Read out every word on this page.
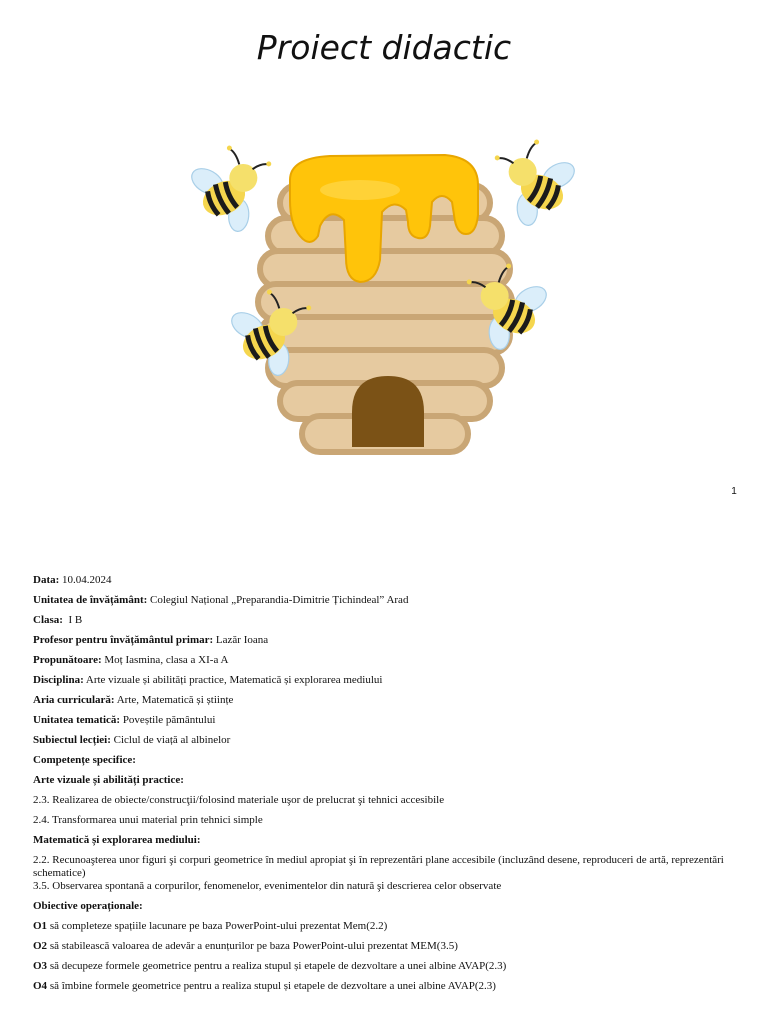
Proiect didactic
1
Data: 10.04.2024
Unitatea de învățământ: Colegiul Național „Preparandia-Dimitrie Țichindeal” Arad
Clasa: I B
Profesor pentru învățământul primar: Lazăr Ioana
Propunătoare: Moț Iasmina, clasa a XI-a A
Disciplina: Arte vizuale și abilități practice, Matematică și explorarea mediului
Aria curriculară: Arte, Matematică și științe
Unitatea tematică: Poveștile pământului
Subiectul lecției: Ciclul de viață al albinelor
Competențe specifice:
Arte vizuale și abilități practice:
2.3. Realizarea de obiecte/construcţii/folosind materiale uşor de prelucrat şi tehnici accesibile
2.4. Transformarea unui material prin tehnici simple
Matematică și explorarea mediului:
2.2. Recunoaşterea unor figuri şi corpuri geometrice în mediul apropiat şi în reprezentări plane accesibile (incluzând desene, reproduceri de artă, reprezentări schematice)
3.5. Observarea spontană a corpurilor, fenomenelor, evenimentelor din natură şi descrierea celor observate
Obiective operaționale:
O1 să completeze spațiile lacunare pe baza PowerPoint-ului prezentat Mem(2.2)
O2 să stabilească valoarea de adevăr a enunțurilor pe baza PowerPoint-ului prezentat MEM(3.5)
O3 să decupeze formele geometrice pentru a realiza stupul și etapele de dezvoltare a unei albine AVAP(2.3)
O4 să îmbine formele geometrice pentru a realiza stupul și etapele de dezvoltare a unei albine AVAP(2.3)
